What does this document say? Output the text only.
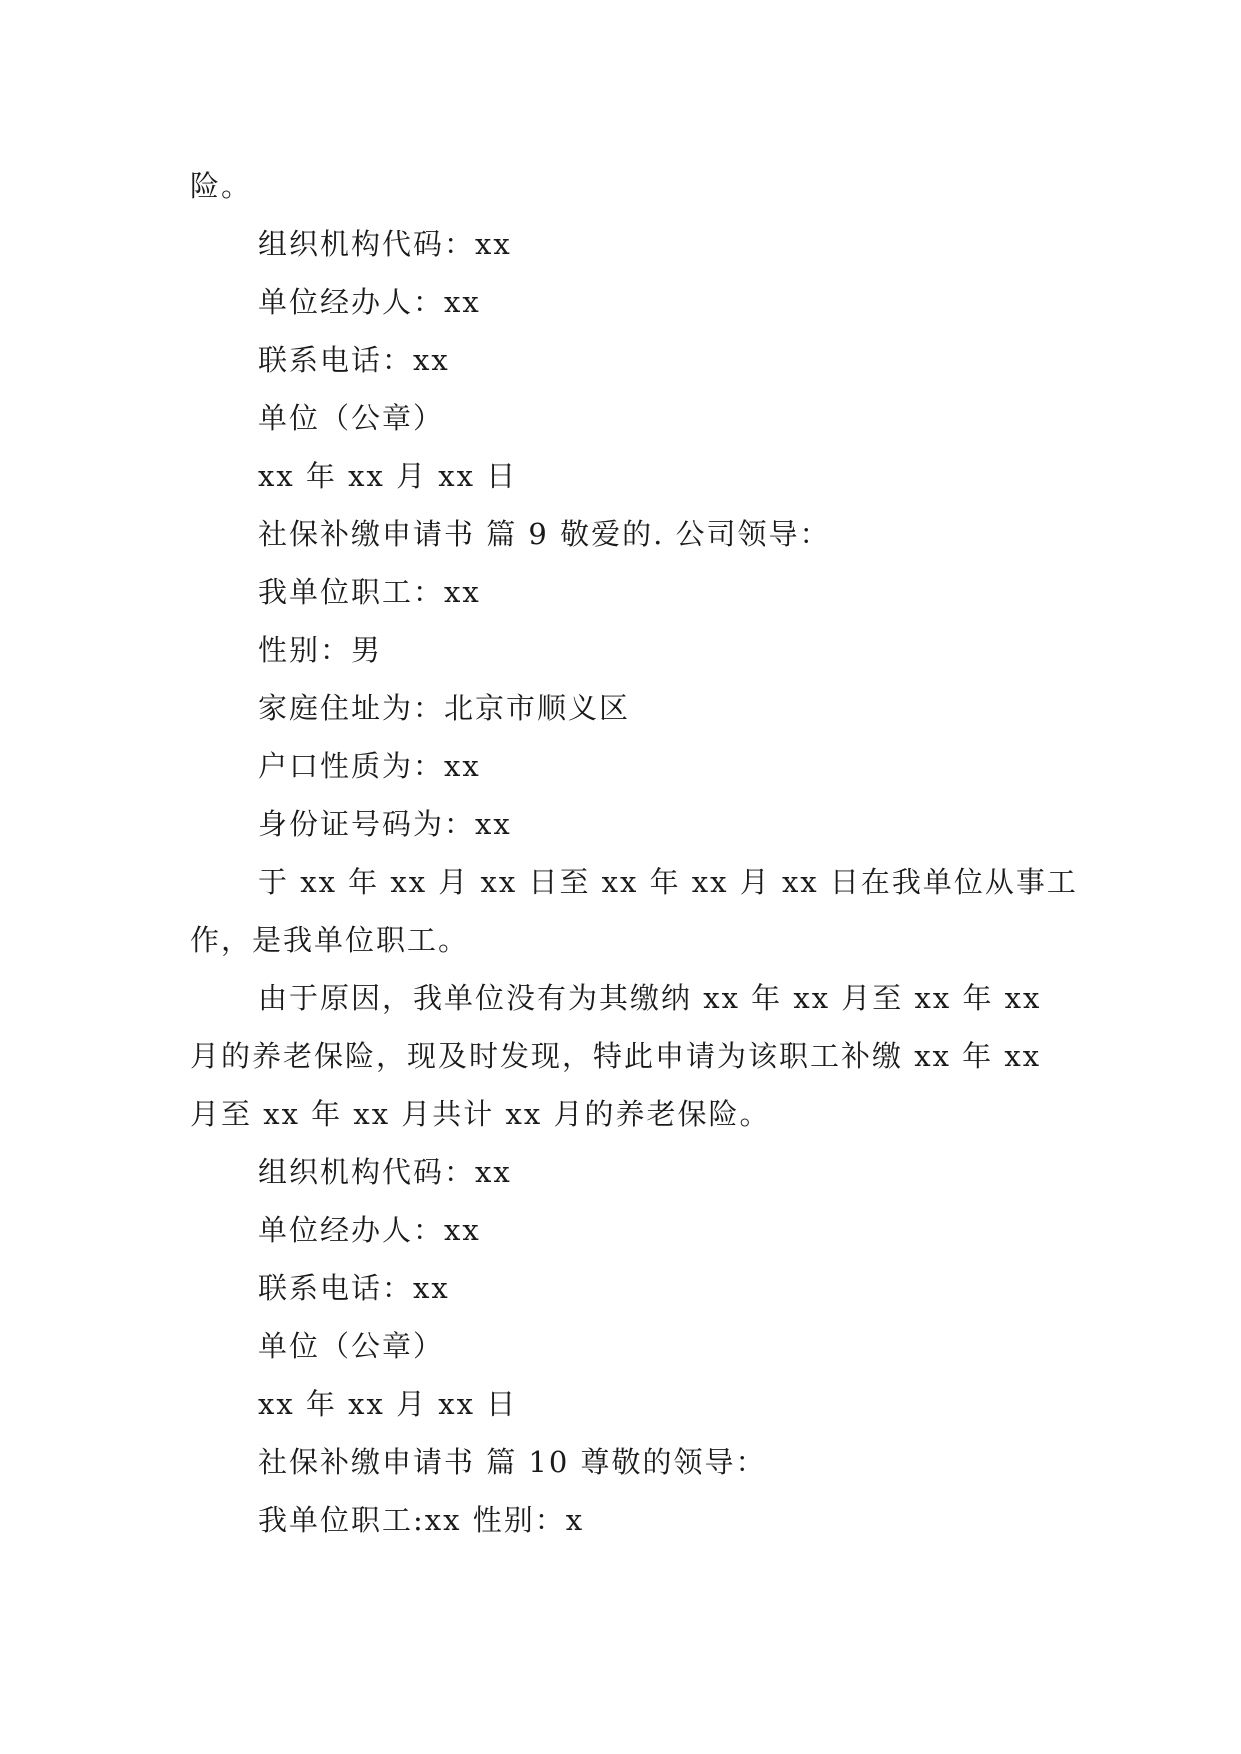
险。
组织机构代码：xx
单位经办人：xx
联系电话：xx
单位（公章）
xx 年 xx 月 xx 日
社保补缴申请书 篇 9 敬爱的. 公司领导：
我单位职工：xx
性别：男
家庭住址为：北京市顺义区
户口性质为：xx
身份证号码为：xx
于 xx 年 xx 月 xx 日至 xx 年 xx 月 xx 日在我单位从事工
作，是我单位职工。
由于原因，我单位没有为其缴纳 xx 年 xx 月至 xx 年 xx
月的养老保险，现及时发现，特此申请为该职工补缴 xx 年 xx
月至 xx 年 xx 月共计 xx 月的养老保险。
组织机构代码：xx
单位经办人：xx
联系电话：xx
单位（公章）
xx 年 xx 月 xx 日
社保补缴申请书 篇 10 尊敬的领导：
我单位职工:xx 性别：x
